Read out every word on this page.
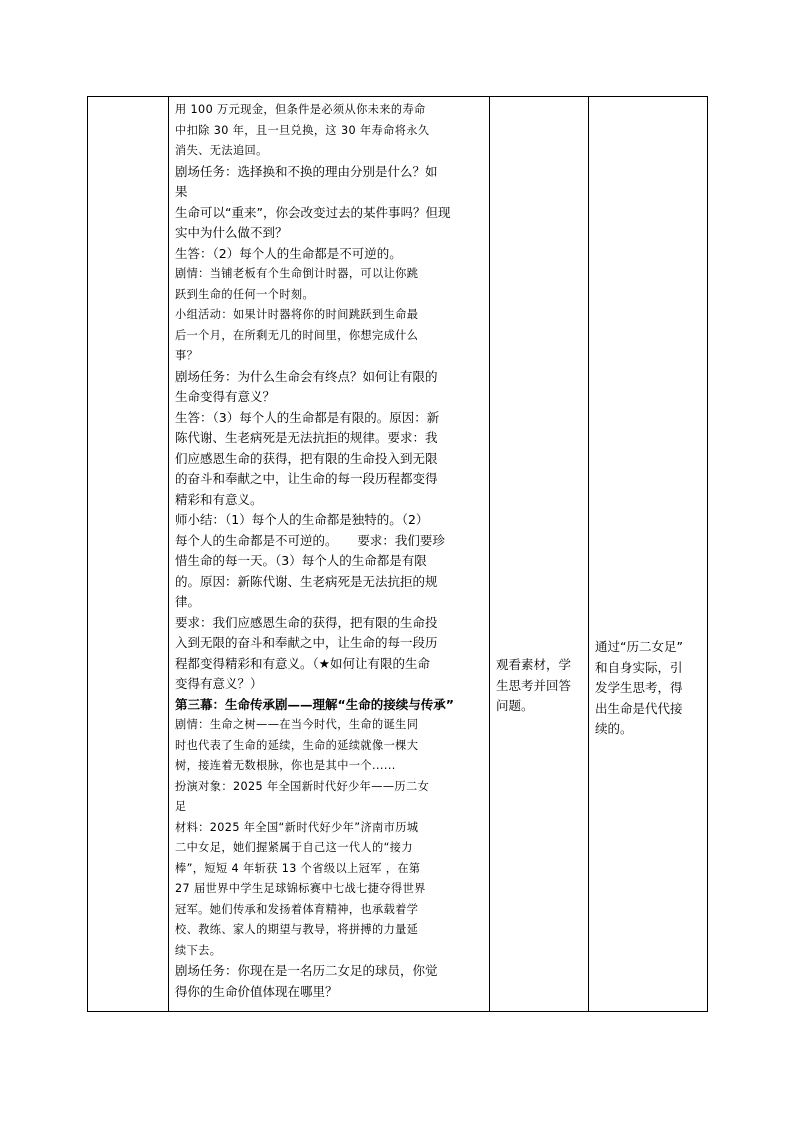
用 100 万元现金，但条件是必须从你未来的寿命
中扣除 30 年，且一旦兑换，这 30 年寿命将永久
消失、无法追回。
剧场任务：选择换和不换的理由分别是什么？如
果
生命可以“重来”，你会改变过去的某件事吗？但现
实中为什么做不到？
生答：（2）每个人的生命都是不可逆的。
剧情：当铺老板有个生命倒计时器，可以让你跳
跃到生命的任何一个时刻。
小组活动：如果计时器将你的时间跳跃到生命最
后一个月，在所剩无几的时间里，你想完成什么
事？
剧场任务：为什么生命会有终点？如何让有限的
生命变得有意义？
生答：（3）每个人的生命都是有限的。原因：新
陈代谢、生老病死是无法抗拒的规律。要求：我
们应感恩生命的获得，把有限的生命投入到无限
的奋斗和奉献之中，让生命的每一段历程都变得
精彩和有意义。
师小结：（1）每个人的生命都是独特的。（2）
每个人的生命都是不可逆的。     要求：我们要珍
惜生命的每一天。（3）每个人的生命都是有限
的。原因：新陈代谢、生老病死是无法抗拒的规
律。
要求：我们应感恩生命的获得，把有限的生命投
入到无限的奋斗和奉献之中，让生命的每一段历
程都变得精彩和有意义。（★如何让有限的生命
变得有意义？）
第三幕：生命传承剧——理解“生命的接续与传承”
剧情：生命之树——在当今时代，生命的诞生同
时也代表了生命的延续，生命的延续就像一棵大
树，接连着无数根脉，你也是其中一个......
扮演对象：2025 年全国新时代好少年——历二女
足
材料：2025 年全国“新时代好少年”济南市历城
二中女足，她们握紧属于自己这一代人的“接力
棒”，短短 4 年斩获 13 个省级以上冠军 ，在第
27 届世界中学生足球锦标赛中七战七捷夺得世界
冠军。她们传承和发扬着体育精神，也承载着学
校、教练、家人的期望与教导，将拼搏的力量延
续下去。
剧场任务：你现在是一名历二女足的球员，你觉
得你的生命价值体现在哪里？

观看素材，学
生思考并回答
问题。

通过“历二女足”
和自身实际，引
发学生思考，得
出生命是代代接
续的。
